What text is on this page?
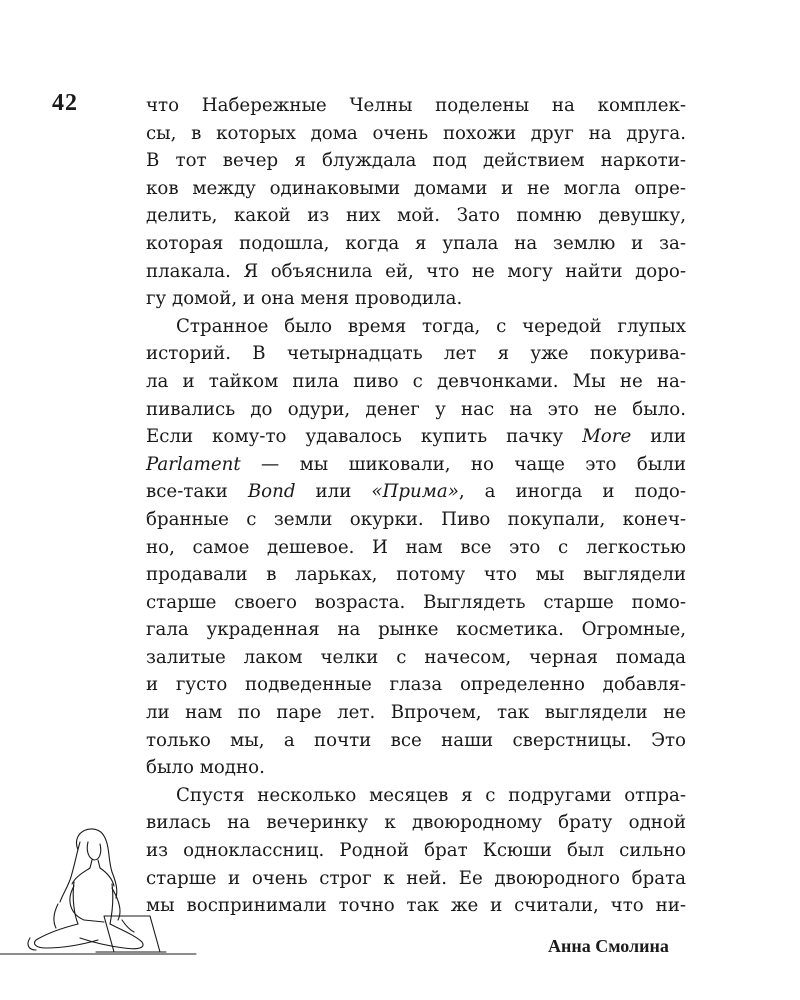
42	что Набережные Челны поделены на комплек-
сы, в которых дома очень похожи друг на друга.
В тот вечер я блуждала под действием наркоти-
ков между одинаковыми домами и не могла опре-
делить, какой из них мой. Зато помню девушку,
которая подошла, когда я упала на землю и за-
плакала. Я объяснила ей, что не могу найти доро-
гу домой, и она меня проводила.
Странное было время тогда, с чередой глупых
историй. В четырнадцать лет я уже покурива-
ла и тайком пила пиво с девчонками. Мы не на-
пивались до одури, денег у нас на это не было.
Если кому-то удавалось купить пачку More или
Parlament — мы шиковали, но чаще это были
все-таки Bond или «Прима», а иногда и подо-
бранные с земли окурки. Пиво покупали, конеч-
но, самое дешевое. И нам все это с легкостью
продавали в ларьках, потому что мы выглядели
старше своего возраста. Выглядеть старше помо-
гала украденная на рынке косметика. Огромные,
залитые лаком челки с начесом, черная помада
и густо подведенные глаза определенно добавля-
ли нам по паре лет. Впрочем, так выглядели не
только мы, а почти все наши сверстницы. Это
было модно.
Спустя несколько месяцев я с подругами отпра-
вилась на вечеринку к двоюродному брату одной
из одноклассниц. Родной брат Ксюши был сильно
старше и очень строг к ней. Ее двоюродного брата
мы воспринимали точно так же и считали, что ни-
Анна Смолина
